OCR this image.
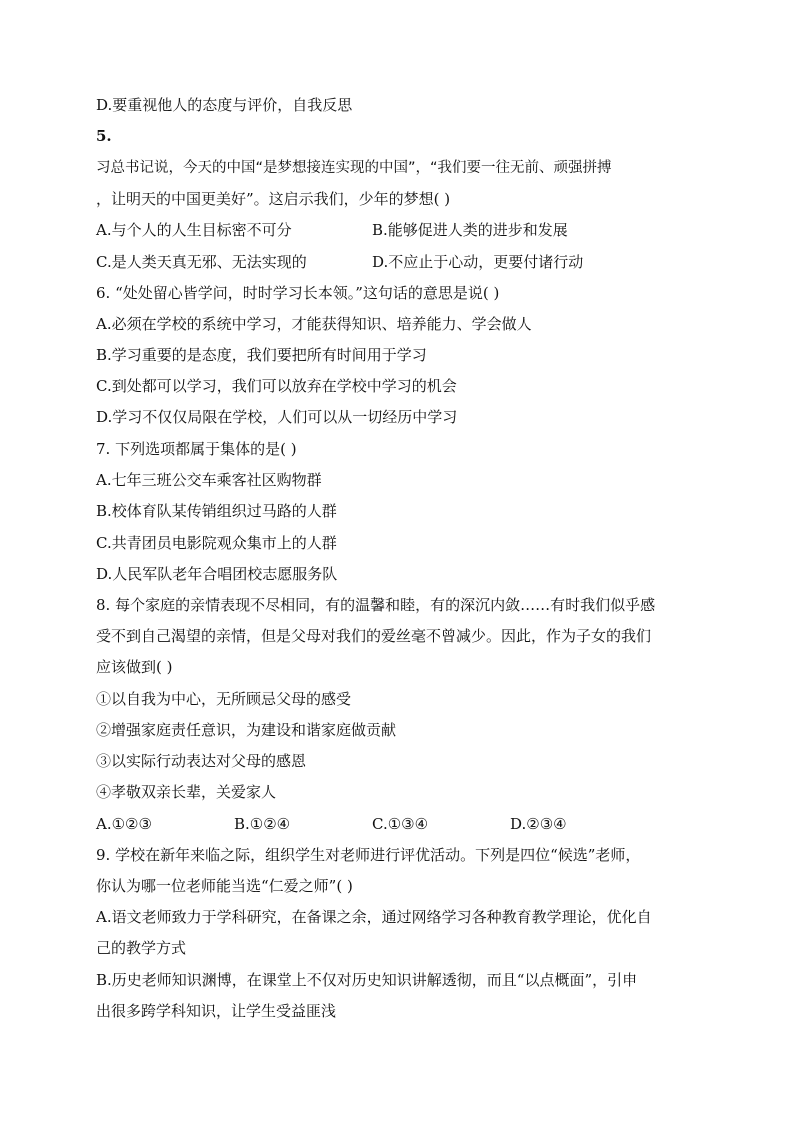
D.要重视他人的态度与评价，自我反思
5.
习总书记说，今天的中国“是梦想接连实现的中国”，“我们要一往无前、顽强拼搏
，让明天的中国更美好”。这启示我们，少年的梦想( )
A.与个人的人生目标密不可分	B.能够促进人类的进步和发展
C.是人类天真无邪、无法实现的	D.不应止于心动，更要付诸行动
6. “处处留心皆学问，时时学习长本领。”这句话的意思是说( )
A.必须在学校的系统中学习，才能获得知识、培养能力、学会做人
B.学习重要的是态度，我们要把所有时间用于学习
C.到处都可以学习，我们可以放弃在学校中学习的机会
D.学习不仅仅局限在学校，人们可以从一切经历中学习
7. 下列选项都属于集体的是( )
A.七年三班公交车乘客社区购物群
B.校体育队某传销组织过马路的人群
C.共青团员电影院观众集市上的人群
D.人民军队老年合唱团校志愿服务队
8. 每个家庭的亲情表现不尽相同，有的温馨和睦，有的深沉内敛……有时我们似乎感
受不到自己渴望的亲情，但是父母对我们的爱丝毫不曾减少。因此，作为子女的我们
应该做到( )
①以自我为中心，无所顾忌父母的感受
②增强家庭责任意识，为建设和谐家庭做贡献
③以实际行动表达对父母的感恩
④孝敬双亲长辈，关爱家人
A.①②③	B.①②④	C.①③④	D.②③④
9. 学校在新年来临之际，组织学生对老师进行评优活动。下列是四位“候选”老师，
你认为哪一位老师能当选“仁爱之师”( )
A.语文老师致力于学科研究，在备课之余，通过网络学习各种教育教学理论，优化自
己的教学方式
B.历史老师知识渊博，在课堂上不仅对历史知识讲解透彻，而且“以点概面”，引申
出很多跨学科知识，让学生受益匪浅
